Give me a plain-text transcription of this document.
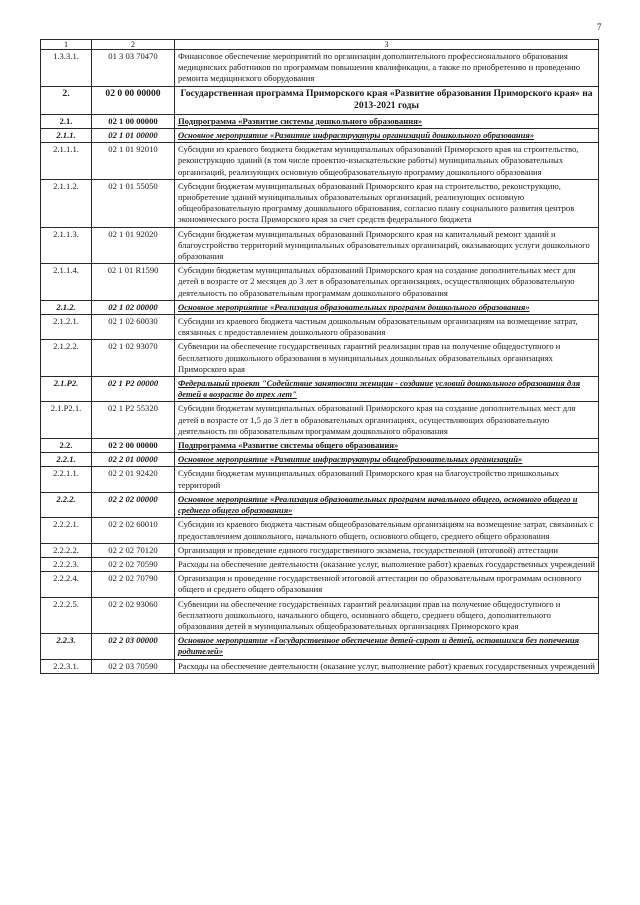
7
1	2	3
1.3.3.1.	01 3 03 70470	Финансовое обеспечение мероприятий по организации дополнительного профессионального образования медицинских работников по программам повышения квалификации, а также по приобретению и проведению ремонта медицинского оборудования
2.	02 0 00 00000	Государственная программа Приморского края «Развитие образования Приморского края» на 2013-2021 годы
2.1.	02 1 00 00000	Подпрограмма «Развитие системы дошкольного образования»
2.1.1.	02 1 01 00000	Основное мероприятие «Развитие инфраструктуры организаций дошкольного образования»
2.1.1.1.	02 1 01 92010	Субсидии из краевого бюджета бюджетам муниципальных образований Приморского края на строительство, реконструкцию зданий (в том числе проектно-изыскательские работы) муниципальных образовательных организаций, реализующих основную общеобразовательную программу дошкольного образования
2.1.1.2.	02 1 01 55050	Субсидии бюджетам муниципальных образований Приморского края на строительство, реконструкцию, приобретение зданий муниципальных образовательных организаций, реализующих основную общеобразовательную программу дошкольного образования, согласно плану социального развития центров экономического роста Приморского края за счет средств федерального бюджета
2.1.1.3.	02 1 01 92020	Субсидии бюджетам муниципальных образований Приморского края на капитальный ремонт зданий и благоустройство территорий муниципальных образовательных организаций, оказывающих услуги дошкольного образования
2.1.1.4.	02 1 01 R1590	Субсидии бюджетам муниципальных образований Приморского края на создание дополнительных мест для детей в возрасте от 2 месяцев до 3 лет в образовательных организациях, осуществляющих образовательную деятельность по образовательным программам дошкольного образования
2.1.2.	02 1 02 00000	Основное мероприятие «Реализация образовательных программ дошкольного образования»
2.1.2.1.	02 1 02 60030	Субсидии из краевого бюджета частным дошкольным образовательным организациям на возмещение затрат, связанных с предоставлением дошкольного образования
2.1.2.2.	02 1 02 93070	Субвенции на обеспечение государственных гарантий реализации прав на получение общедоступного и бесплатного дошкольного образования в муниципальных дошкольных образовательных организациях Приморского края
2.1.Р2.	02 1 Р2 00000	Федеральный проект "Содействие занятости женщин - создание условий дошкольного образования для детей в возрасте до трех лет"
2.1.Р2.1.	02 1 Р2 55320	Субсидии бюджетам муниципальных образований Приморского края на создание дополнительных мест для детей в возрасте от 1,5 до 3 лет в образовательных организациях, осуществляющих образовательную деятельность по образовательным программам дошкольного образования
2.2.	02 2 00 00000	Подпрограмма «Развитие системы общего образования»
2.2.1.	02 2 01 00000	Основное мероприятие «Развитие инфраструктуры общеобразовательных организаций»
2.2.1.1.	02 2 01 92420	Субсидии бюджетам муниципальных образований Приморского края на благоустройство пришкольных территорий
2.2.2.	02 2 02 00000	Основное мероприятие «Реализация образовательных программ начального общего, основного общего и среднего общего образования»
2.2.2.1.	02 2 02 60010	Субсидии из краевого бюджета частным общеобразовательным организациям на возмещение затрат, связанных с предоставлением дошкольного, начального общего, основного общего, среднего общего образования
2.2.2.2.	02 2 02 70120	Организация и проведение единого государственного экзамена, государственной (итоговой) аттестации
2.2.2.3.	02 2 02 70590	Расходы на обеспечение деятельности (оказание услуг, выполнение работ) краевых государственных учреждений
2.2.2.4.	02 2 02 70790	Организация и проведение государственной итоговой аттестации по образовательным программам основного общего и среднего общего образования
2.2.2.5.	02 2 02 93060	Субвенции на обеспечение государственных гарантий реализации прав на получение общедоступного и бесплатного дошкольного, начального общего, основного общего, среднего общего, дополнительного образования детей в муниципальных общеобразовательных организациях Приморского края
2.2.3.	02 2 03 00000	Основное мероприятие «Государственное обеспечение детей-сирот и детей, оставшихся без попечения родителей»
2.2.3.1.	02 2 03 70590	Расходы на обеспечение деятельности (оказание услуг, выполнение работ) краевых государственных учреждений
